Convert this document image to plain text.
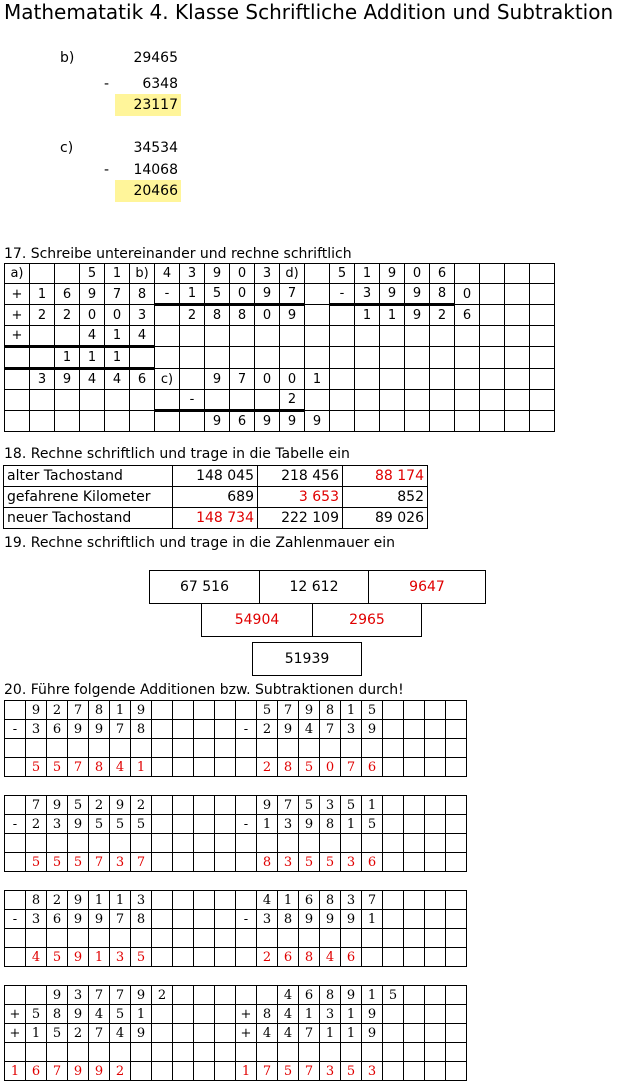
Mathematatik 4. Klasse Schriftliche Addition und Subtraktion
b)	29465
-	6348
23117
c)	34534
-	14068
20466
17. Schreibe untereinander und rechne schriftlich
a)			5	1	b)	4	3	9	0	3	d)		5	1	9	0	6				
+	1	6	9	7	8	-	1	5	0	9	7		-	3	9	9	8	0			
+	2	2	0	0	3		2	8	8	0	9			1	1	9	2	6			
+			4	1	4																
		1	1	1																	
	3	9	4	4	6	c)		9	7	0	0	1									
							-				2										
								9	6	9	9	9									
18. Rechne schriftlich und trage in die Tabelle ein
alter Tachostand	148 045	218 456	88 174
gefahrene Kilometer	689	3 653	852
neuer Tachostand	148 734	222 109	89 026
19. Rechne schriftlich und trage in die Zahlenmauer ein
67 516	12 612	9647
54904	2965
51939
20. Führe folgende Additionen bzw. Subtraktionen durch!
	9	2	7	8	1	9						5	7	9	8	1	5				
-	3	6	9	9	7	8					-	2	9	4	7	3	9				

	5	5	7	8	4	1						2	8	5	0	7	6				
	7	9	5	2	9	2						9	7	5	3	5	1				
-	2	3	9	5	5	5					-	1	3	9	8	1	5				

	5	5	5	7	3	7						8	3	5	5	3	6				
	8	2	9	1	1	3						4	1	6	8	3	7				
-	3	6	9	9	7	8					-	3	8	9	9	9	1				

	4	5	9	1	3	5						2	6	8	4	6					
		9	3	7	7	9	2						4	6	8	9	1	5			
+	5	8	9	4	5	1					+	8	4	1	3	1	9				
+	1	5	2	7	4	9					+	4	4	7	1	1	9				

1	6	7	9	9	2						1	7	5	7	3	5	3				
